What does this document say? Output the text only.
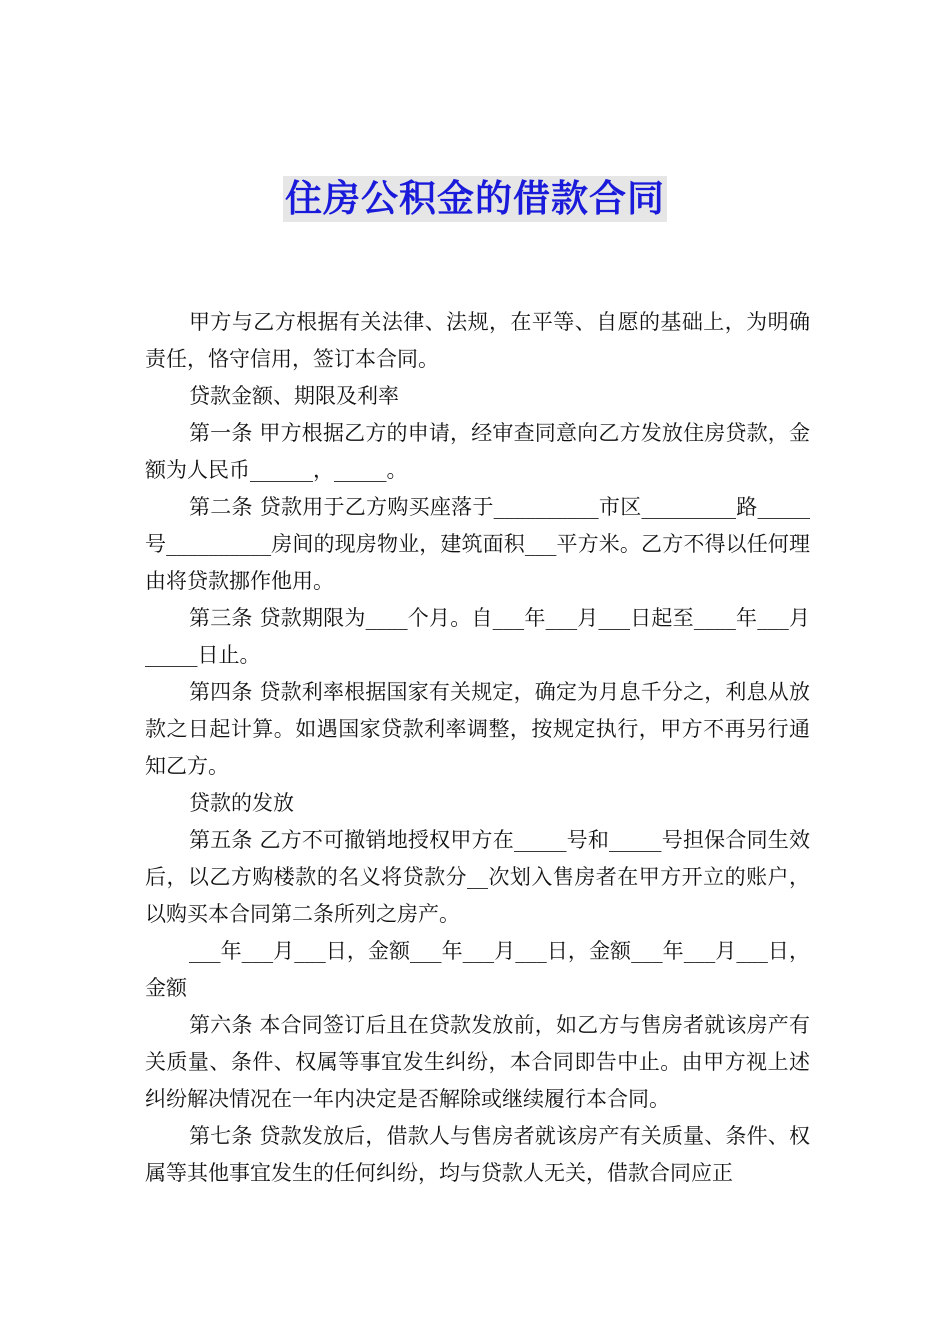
住房公积金的借款合同

甲方与乙方根据有关法律、法规，在平等、自愿的基础上，为明确责任，恪守信用，签订本合同。

贷款金额、期限及利率

第一条 甲方根据乙方的申请，经审查同意向乙方发放住房贷款，金额为人民币______，_____。

第二条 贷款用于乙方购买座落于__________市区_________路_____号__________房间的现房物业，建筑面积___平方米。乙方不得以任何理由将贷款挪作他用。

第三条 贷款期限为____个月。自___年___月___日起至____年___月_____日止。

第四条 贷款利率根据国家有关规定，确定为月息千分之，利息从放款之日起计算。如遇国家贷款利率调整，按规定执行，甲方不再另行通知乙方。

贷款的发放

第五条 乙方不可撤销地授权甲方在_____号和_____号担保合同生效后，以乙方购楼款的名义将贷款分__次划入售房者在甲方开立的账户，以购买本合同第二条所列之房产。

___年___月___日，金额___年___月___日，金额___年___月___日，金额

第六条 本合同签订后且在贷款发放前，如乙方与售房者就该房产有关质量、条件、权属等事宜发生纠纷，本合同即告中止。由甲方视上述纠纷解决情况在一年内决定是否解除或继续履行本合同。

第七条 贷款发放后，借款人与售房者就该房产有关质量、条件、权属等其他事宜发生的任何纠纷，均与贷款人无关，借款合同应正
